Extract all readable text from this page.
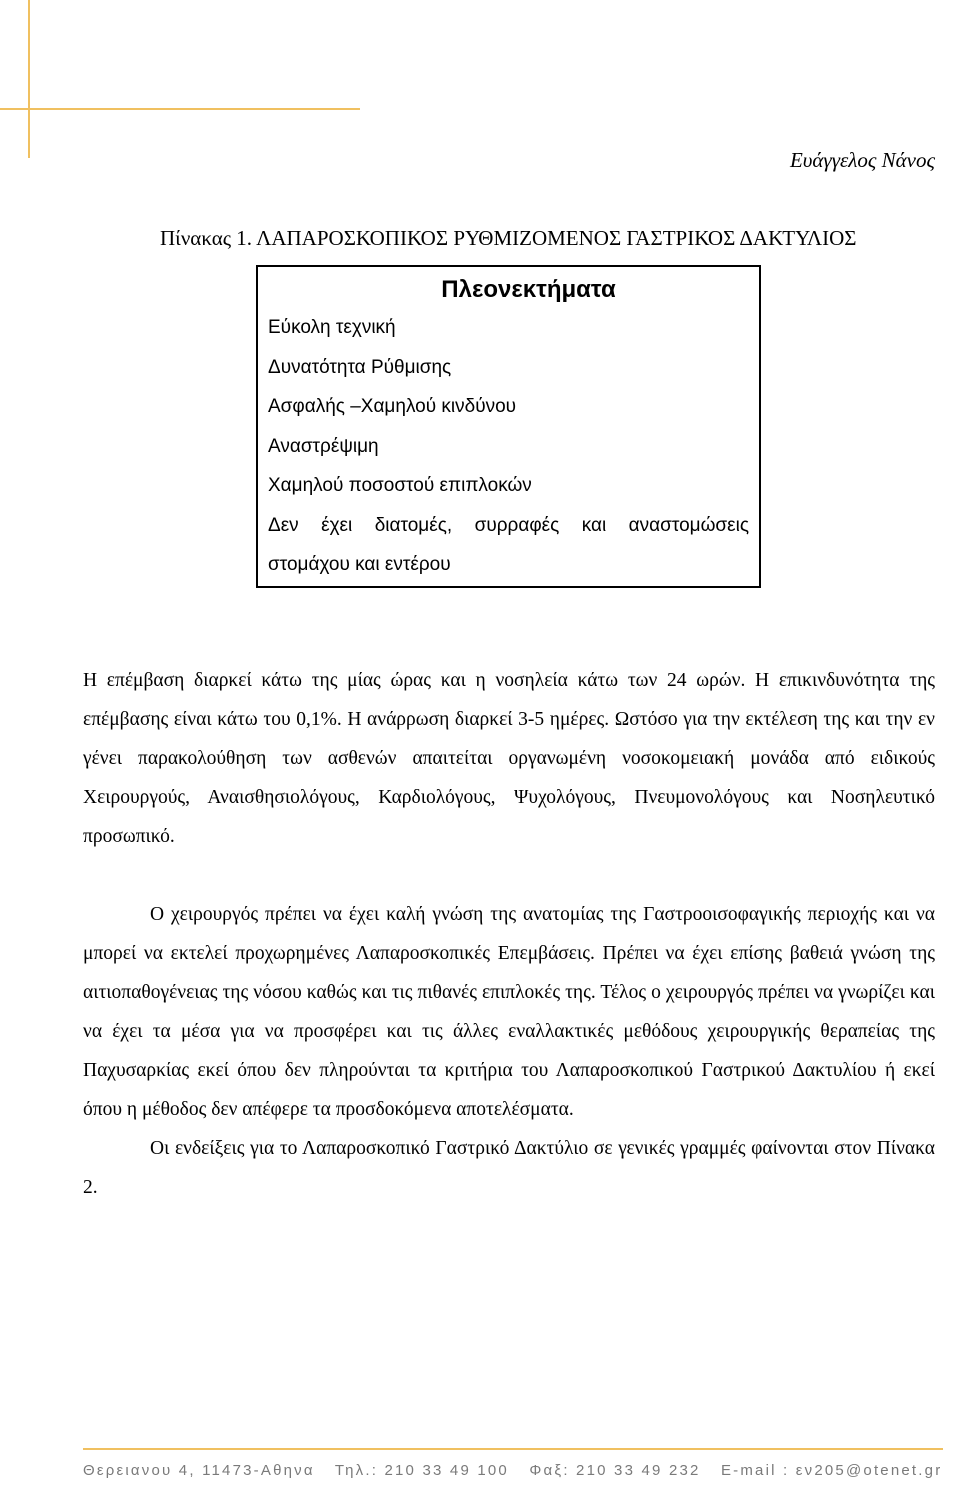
Ευάγγελος Νάνος
Πίνακας 1. ΛΑΠΑΡΟΣΚΟΠΙΚΟΣ ΡΥΘΜΙΖΟΜΕΝΟΣ ΓΑΣΤΡΙΚΟΣ ΔΑΚΤΥΛΙΟΣ
Πλεονεκτήματα
Εύκολη τεχνική
Δυνατότητα Ρύθμισης
Ασφαλής –Χαμηλού κινδύνου
Αναστρέψιμη
Χαμηλού ποσοστού επιπλοκών
Δεν έχει διατομές, συρραφές και αναστομώσεις στομάχου και εντέρου

Η επέμβαση διαρκεί κάτω της μίας ώρας και η νοσηλεία κάτω των 24 ωρών. Η επικινδυνότητα της επέμβασης είναι κάτω του 0,1%. Η ανάρρωση διαρκεί 3-5 ημέρες. Ωστόσο για την εκτέλεση της και την εν γένει παρακολούθηση των ασθενών απαιτείται οργανωμένη νοσοκομειακή μονάδα από ειδικούς Χειρουργούς, Αναισθησιολόγους, Καρδιολόγους, Ψυχολόγους, Πνευμονολόγους και Νοσηλευτικό προσωπικό.

Ο χειρουργός πρέπει να έχει καλή γνώση της ανατομίας της Γαστροοισοφαγικής περιοχής και να μπορεί να εκτελεί προχωρημένες Λαπαροσκοπικές Επεμβάσεις. Πρέπει να έχει επίσης βαθειά γνώση της αιτιοπαθογένειας της νόσου καθώς και τις πιθανές επιπλοκές της. Τέλος ο χειρουργός πρέπει να γνωρίζει και να έχει τα μέσα για να προσφέρει και τις άλλες εναλλακτικές μεθόδους χειρουργικής θεραπείας της Παχυσαρκίας εκεί όπου δεν πληρούνται τα κριτήρια του Λαπαροσκοπικού Γαστρικού Δακτυλίου ή εκεί όπου η μέθοδος δεν απέφερε τα προσδοκόμενα αποτελέσματα.

Οι ενδείξεις για το Λαπαροσκοπικό Γαστρικό Δακτύλιο σε γενικές γραμμές φαίνονται στον Πίνακα 2.

Θερειανου 4, 11473-Αθηνα Τηλ.: 210 33 49 100 Φαξ: 210 33 49 232 E-mail : εν205@otenet.gr
